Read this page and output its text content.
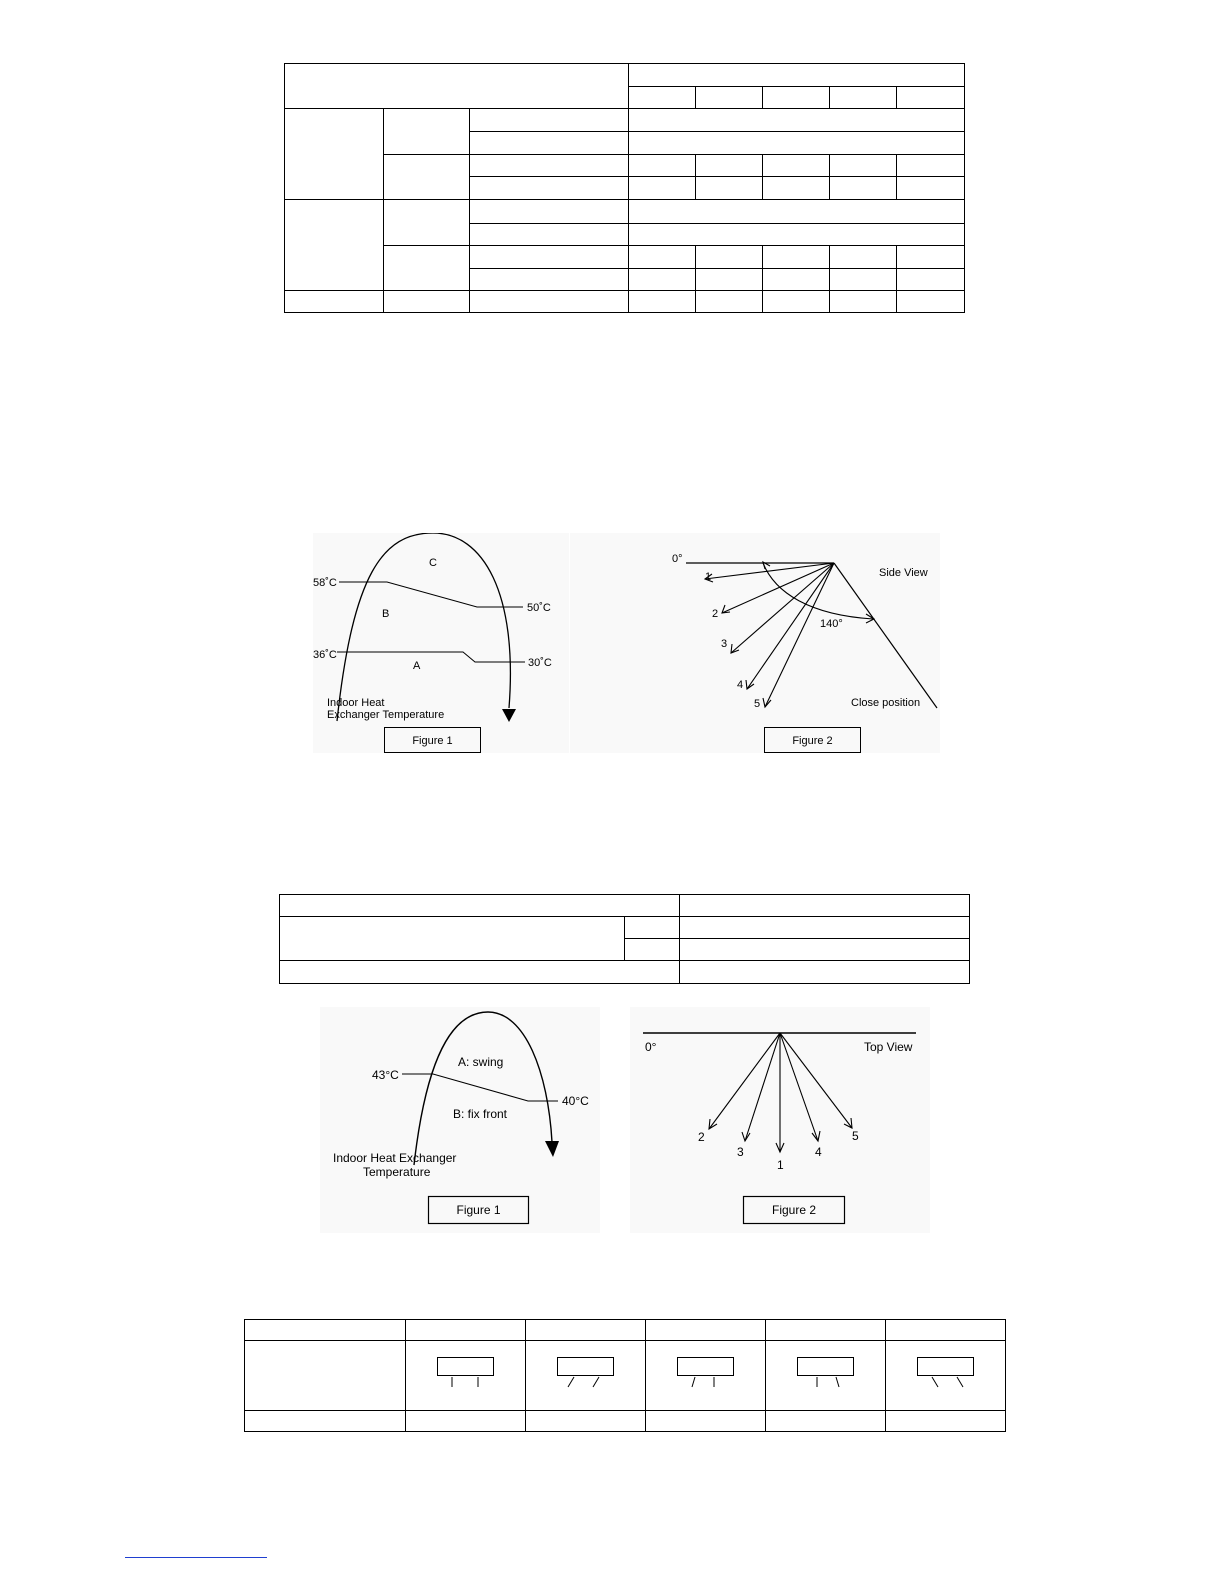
C
B
A
58˚C
50˚C
36˚C
30˚C
Indoor Heat
Exchanger Temperature
Figure 1
0°
Side View
140°
1
2
3
4
5	Close position
Figure 2

A: swing
B: fix front
43°C
40°C
Indoor Heat Exchanger
Temperature
Figure 1
0°	Top View
2
3
1
4
5
Figure 2
